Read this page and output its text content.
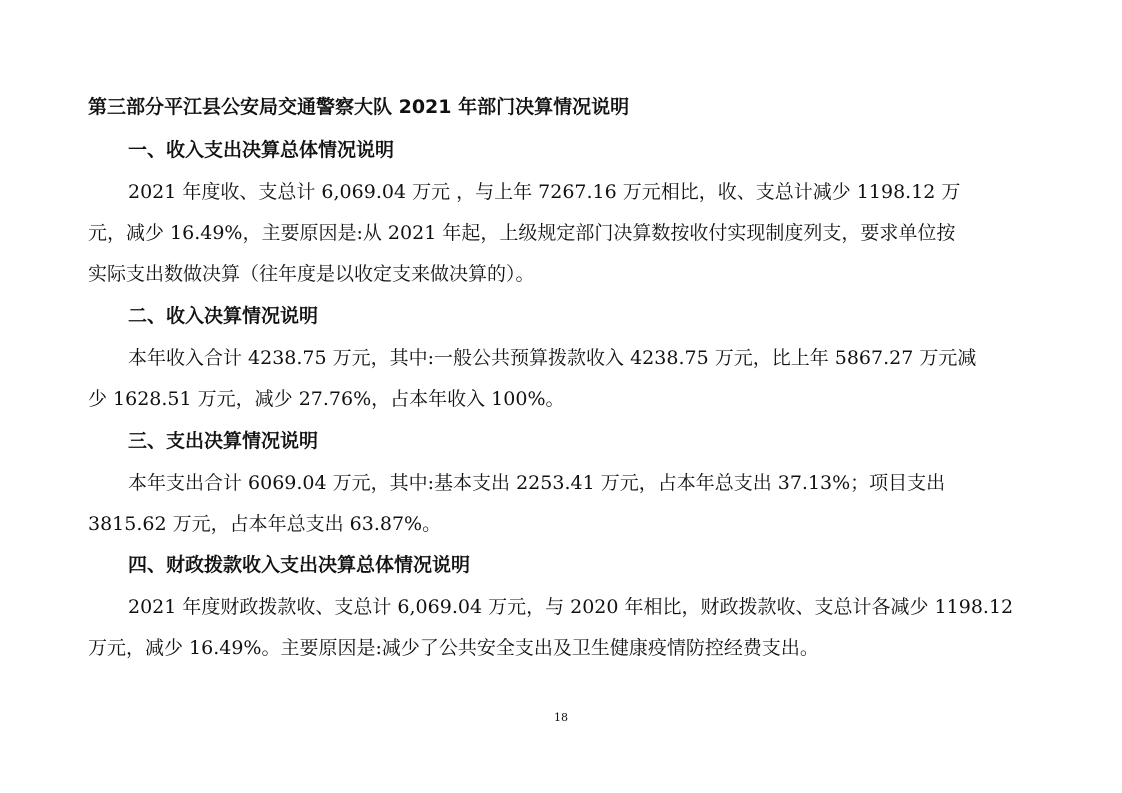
第三部分平江县公安局交通警察大队 2021 年部门决算情况说明
一、收入支出决算总体情况说明
2021 年度收、支总计 6,069.04 万元 ，与上年 7267.16 万元相比，收、支总计减少 1198.12 万
元，减少 16.49%，主要原因是:从 2021 年起，上级规定部门决算数按收付实现制度列支，要求单位按
实际支出数做决算（往年度是以收定支来做决算的）。
二、收入决算情况说明
本年收入合计 4238.75 万元，其中:一般公共预算拨款收入 4238.75 万元，比上年 5867.27 万元减
少 1628.51 万元，减少 27.76%，占本年收入 100%。
三、支出决算情况说明
本年支出合计 6069.04 万元，其中:基本支出 2253.41 万元，占本年总支出 37.13%；项目支出
3815.62 万元，占本年总支出 63.87%。
四、财政拨款收入支出决算总体情况说明
2021 年度财政拨款收、支总计 6,069.04 万元，与 2020 年相比，财政拨款收、支总计各减少 1198.12
万元，减少 16.49%。主要原因是:减少了公共安全支出及卫生健康疫情防控经费支出。
18
